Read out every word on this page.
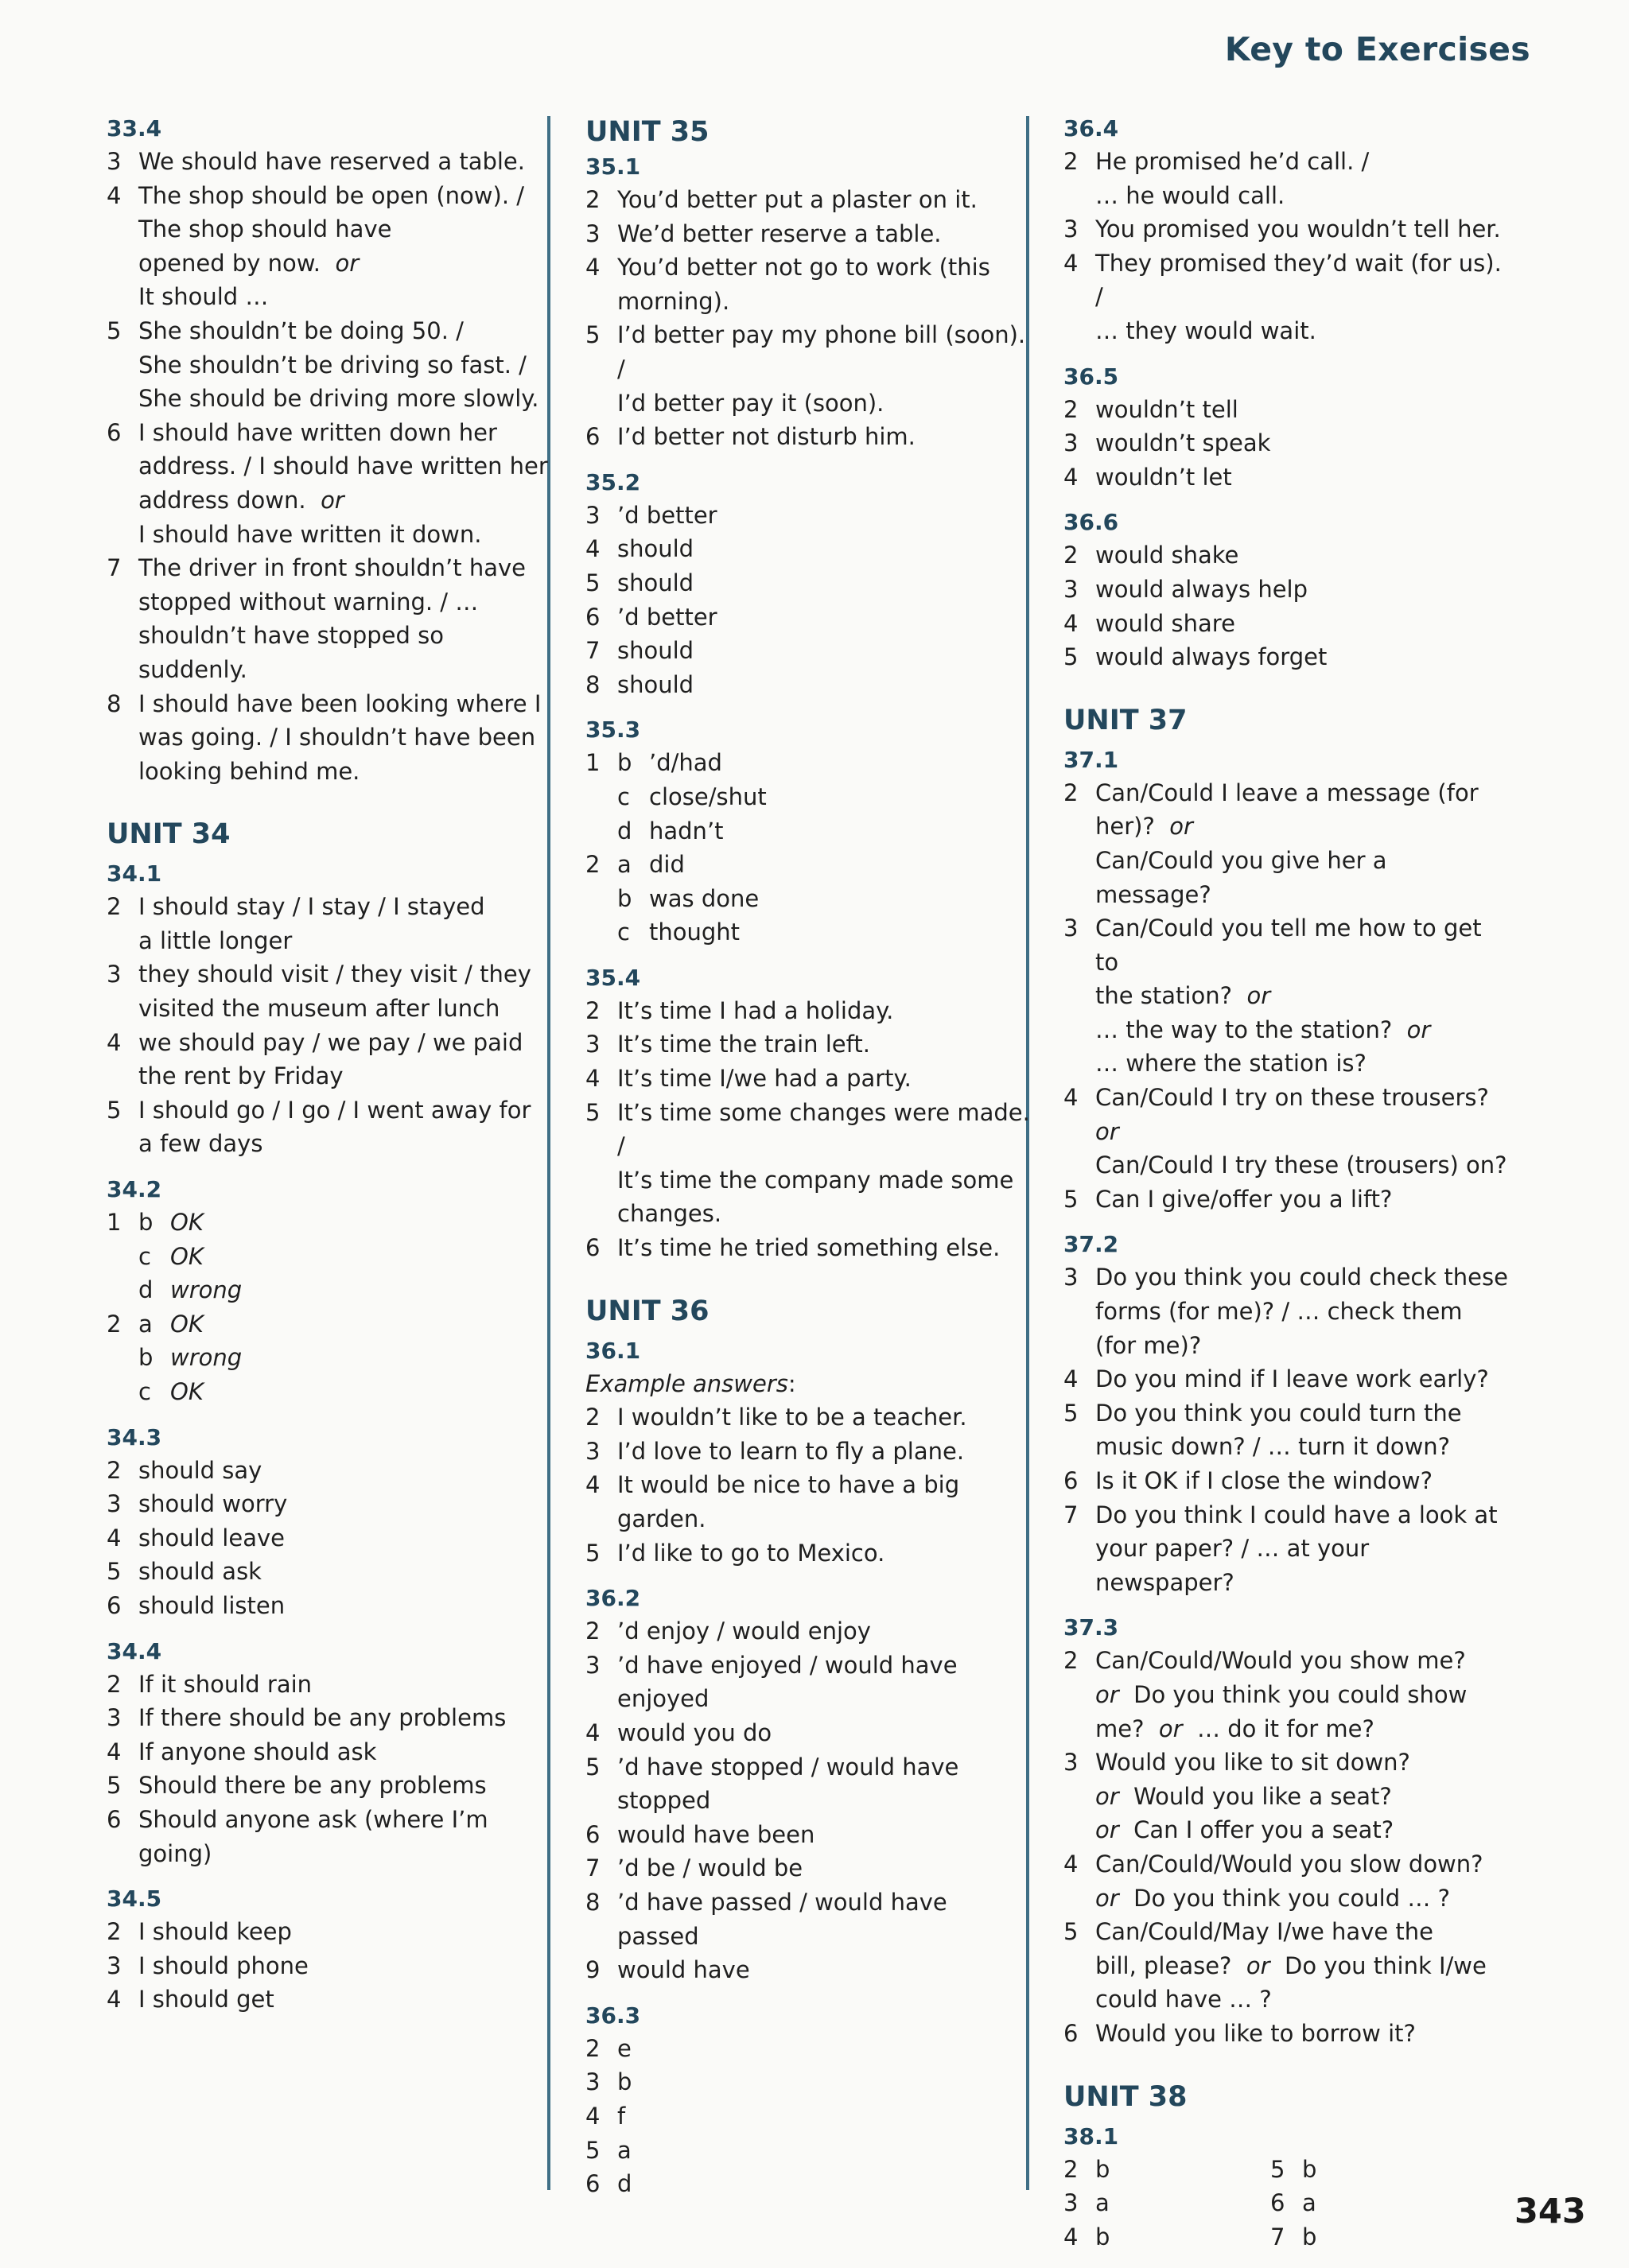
Key to Exercises
33.4
3 We should have reserved a table.
4 The shop should be open (now). /
The shop should have
opened by now. or
It should …
5 She shouldn’t be doing 50. /
She shouldn’t be driving so fast. /
She should be driving more slowly.
6 I should have written down her
address. / I should have written her
address down. or
I should have written it down.
7 The driver in front shouldn’t have
stopped without warning. / …
shouldn’t have stopped so suddenly.
8 I should have been looking where I
was going. / I shouldn’t have been
looking behind me.
UNIT 34
34.1
2 I should stay / I stay / I stayed
a little longer
3 they should visit / they visit / they
visited the museum after lunch
4 we should pay / we pay / we paid
the rent by Friday
5 I should go / I go / I went away for
a few days
34.2
1 b OK
c OK
d wrong
2 a OK
b wrong
c OK
34.3
2 should say
3 should worry
4 should leave
5 should ask
6 should listen
34.4
2 If it should rain
3 If there should be any problems
4 If anyone should ask
5 Should there be any problems
6 Should anyone ask (where I’m going)
34.5
2 I should keep
3 I should phone
4 I should get
UNIT 35
35.1
2 You’d better put a plaster on it.
3 We’d better reserve a table.
4 You’d better not go to work (this
morning).
5 I’d better pay my phone bill (soon). /
I’d better pay it (soon).
6 I’d better not disturb him.
35.2
3 ’d better
4 should
5 should
6 ’d better
7 should
8 should
35.3
1 b ’d/had
c close/shut
d hadn’t
2 a did
b was done
c thought
35.4
2 It’s time I had a holiday.
3 It’s time the train left.
4 It’s time I/we had a party.
5 It’s time some changes were made. /
It’s time the company made some
changes.
6 It’s time he tried something else.
UNIT 36
36.1
Example answers:
2 I wouldn’t like to be a teacher.
3 I’d love to learn to fly a plane.
4 It would be nice to have a big garden.
5 I’d like to go to Mexico.
36.2
2 ’d enjoy / would enjoy
3 ’d have enjoyed / would have
enjoyed
4 would you do
5 ’d have stopped / would have
stopped
6 would have been
7 ’d be / would be
8 ’d have passed / would have passed
9 would have
36.3
2 e
3 b
4 f
5 a
6 d
36.4
2 He promised he’d call. /
… he would call.
3 You promised you wouldn’t tell her.
4 They promised they’d wait (for us). /
… they would wait.
36.5
2 wouldn’t tell
3 wouldn’t speak
4 wouldn’t let
36.6
2 would shake
3 would always help
4 would share
5 would always forget
UNIT 37
37.1
2 Can/Could I leave a message (for
her)? or
Can/Could you give her a message?
3 Can/Could you tell me how to get to
the station? or
… the way to the station? or
… where the station is?
4 Can/Could I try on these trousers?
or
Can/Could I try these (trousers) on?
5 Can I give/offer you a lift?
37.2
3 Do you think you could check these
forms (for me)? / … check them
(for me)?
4 Do you mind if I leave work early?
5 Do you think you could turn the
music down? / … turn it down?
6 Is it OK if I close the window?
7 Do you think I could have a look at
your paper? / … at your newspaper?
37.3
2 Can/Could/Would you show me?
or Do you think you could show
me? or … do it for me?
3 Would you like to sit down?
or Would you like a seat?
or Can I offer you a seat?
4 Can/Could/Would you slow down?
or Do you think you could … ?
5 Can/Could/May I/we have the
bill, please? or Do you think I/we
could have … ?
6 Would you like to borrow it?
UNIT 38
38.1
2 b	5 b
3 a	6 a
4 b	7 b
343
